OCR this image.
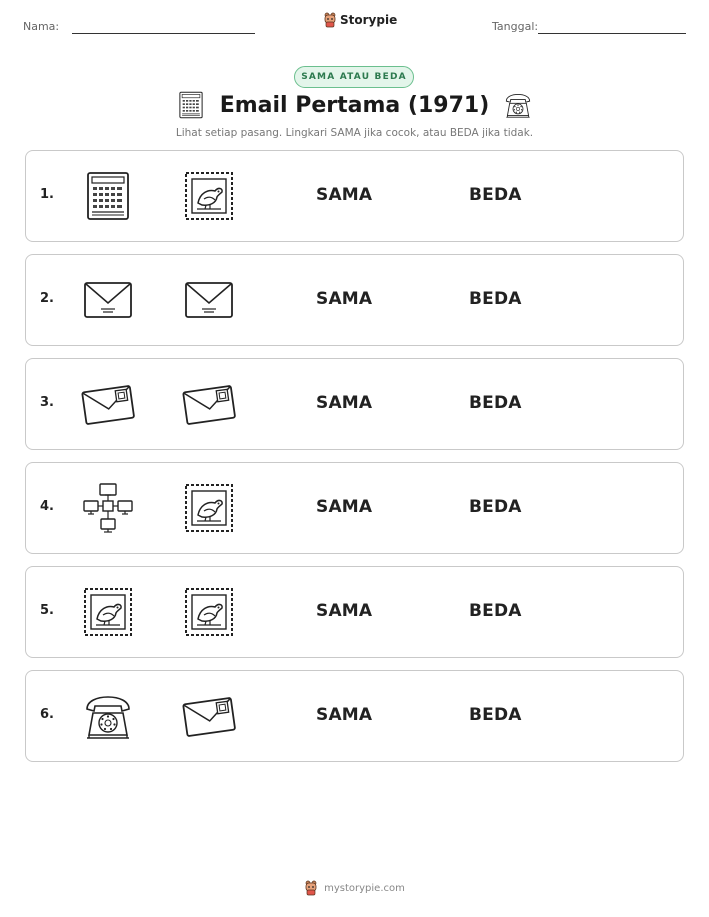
Nama:	Storypie	Tanggal:
SAMA ATAU BEDA
Email Pertama (1971)
Lihat setiap pasang. Lingkari SAMA jika cocok, atau BEDA jika tidak.
1.	SAMA	BEDA
2.	SAMA	BEDA
3.	SAMA	BEDA
4.	SAMA	BEDA
5.	SAMA	BEDA
6.	SAMA	BEDA
mystorypie.com
